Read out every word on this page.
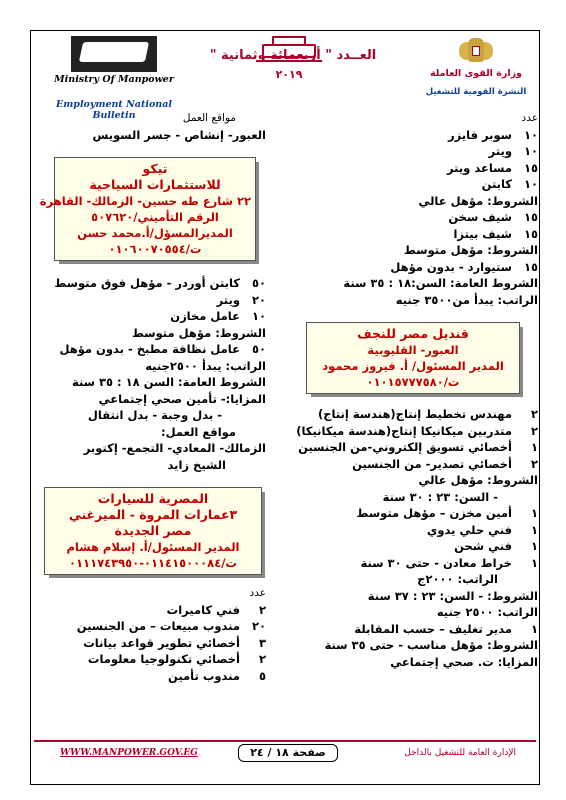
Ministry Of Manpower
Employment National Bulletin
٢٠١٩	وزارة القوى العاملة
النشرة القومية للتشغيل
العــدد " أربعمائة وثمانية "
عدد
١٠ سوبر فايزر
١٠ ويتر
١٥ مساعد ويتر
١٠ كابتن
الشروط: مؤهل عالي
١٥ شيف سخن
١٥ شيف بيتزا
الشروط: مؤهل متوسط
١٥ ستيوارد - بدون مؤهل
الشروط العامة: السن:١٨ : ٣٥ سنة
الراتب: يبدأ من٣٥٠٠ جنيه
قنديل مصر للنجف
العبور- القليوبية
المدير المسئول/ أ. فيروز محمود
ت/٠١٠١٥٧٧٧٥٨٠
٢ مهندس تخطيط إنتاج(هندسة إنتاج)
٢ متدربين ميكانيكا إنتاج(هندسة ميكانيكا)
١ أخصائي تسويق إلكتروني-من الجنسين
٢ أخصائي تصدير- من الجنسين
الشروط: مؤهل عالي
- السن: ٢٣ : ٣٠ سنة
١ أمين مخزن – مؤهل متوسط
١ فني حلي يدوي
١ فني شحن
١ خراط معادن - حتى ٣٠ سنة
الراتب: ٢٠٠٠ج
الشروط: - السن: ٢٣ : ٣٧ سنة
الراتب: ٢٥٠٠ جنيه
١ مدير تغليف – حسب المقابلة
الشروط: مؤهل مناسب - حتى ٣٥ سنة
المزايا: ت. صحي إجتماعي
مواقع العمل
العبور- إنشاص - جسر السويس
تيكو
للاستثمارات السياحية
٢٢ شارع طه حسين- الزمالك- القاهرة
الرقم التأميني/٥٠٧٦٢٠
المديرالمسؤل/أ.محمد حسن
ت/٠١٠٦٠٠٧٠٥٥٤
٥٠ كابتن أوردر - مؤهل فوق متوسط
٢٠ ويتر
١٠ عامل مخازن
الشروط: مؤهل متوسط
٥٠ عامل نظافة مطبخ - بدون مؤهل
الراتب: يبدأ ٢٥٠٠جنيه
الشروط العامة: السن ١٨ : ٣٥ سنة
المزايا:- تأمين صحي إجتماعي
- بدل وجبة - بدل انتقال
مواقع العمل:
الزمالك- المعادي- التجمع- إكتوبر
الشيخ زايد
المصرية للسيارات
٣عمارات المروة - الميرغني
مصر الجديدة
المدير المسئول/أ. إسلام هشام
ت/٠١١٤١٥٠٠٠٨٤-٠١١١٧٤٣٩٥٠
عدد
٢ فني كاميرات
٢٠ مندوب مبيعات – من الجنسين
٣ أخصائي تطوير قواعد بيانات
٢ أخصائي تكنولوجيا معلومات
٥ مندوب تأمين
WWW.MANPOWER.GOV.EG	صفحة ١٨ / ٢٤	الإدارة العامة للتشغيل بالداخل
